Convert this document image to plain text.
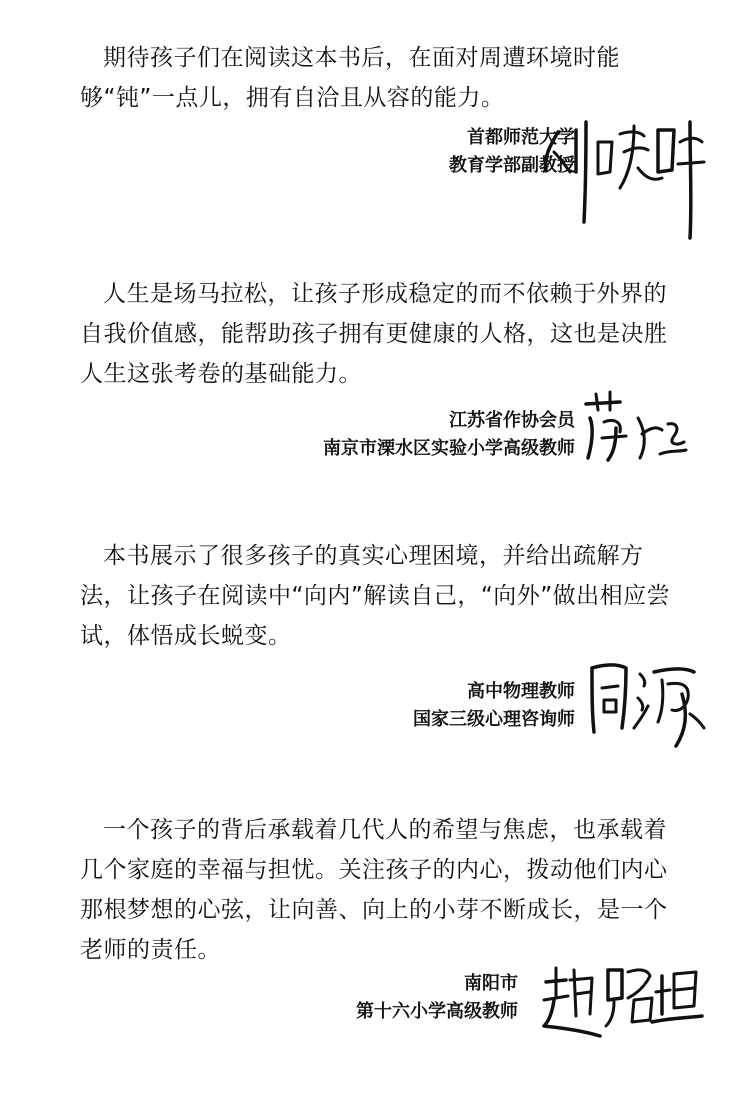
期待孩子们在阅读这本书后，在面对周遭环境时能够“钝”一点儿，拥有自洽且从容的能力。

首都师范大学
教育学部副教授

人生是场马拉松，让孩子形成稳定的而不依赖于外界的自我价值感，能帮助孩子拥有更健康的人格，这也是决胜人生这张考卷的基础能力。

江苏省作协会员
南京市溧水区实验小学高级教师

本书展示了很多孩子的真实心理困境，并给出疏解方法，让孩子在阅读中“向内”解读自己，“向外”做出相应尝试，体悟成长蜕变。

高中物理教师
国家三级心理咨询师

一个孩子的背后承载着几代人的希望与焦虑，也承载着几个家庭的幸福与担忧。关注孩子的内心，拨动他们内心那根梦想的心弦，让向善、向上的小芽不断成长，是一个老师的责任。

南阳市
第十六小学高级教师
